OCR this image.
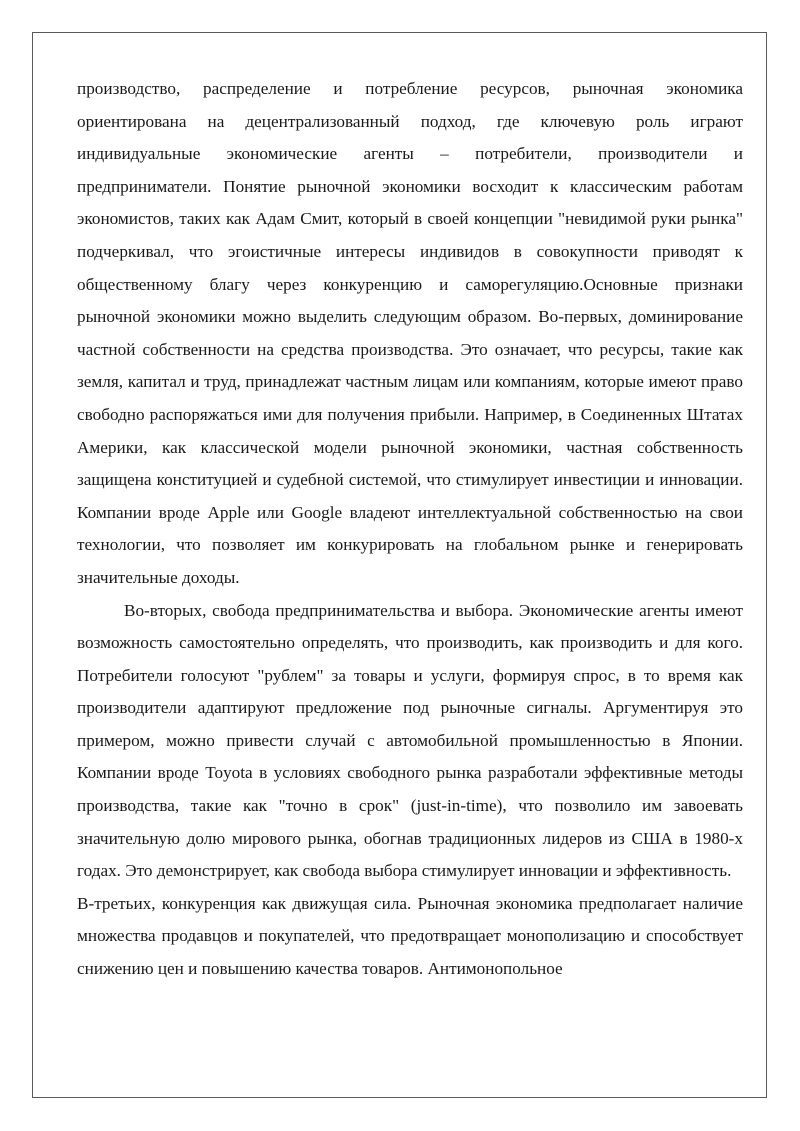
производство, распределение и потребление ресурсов, рыночная экономика ориентирована на децентрализованный подход, где ключевую роль играют индивидуальные экономические агенты – потребители, производители и предприниматели. Понятие рыночной экономики восходит к классическим работам экономистов, таких как Адам Смит, который в своей концепции "невидимой руки рынка" подчеркивал, что эгоистичные интересы индивидов в совокупности приводят к общественному благу через конкуренцию и саморегуляцию.Основные признаки рыночной экономики можно выделить следующим образом. Во-первых, доминирование частной собственности на средства производства. Это означает, что ресурсы, такие как земля, капитал и труд, принадлежат частным лицам или компаниям, которые имеют право свободно распоряжаться ими для получения прибыли. Например, в Соединенных Штатах Америки, как классической модели рыночной экономики, частная собственность защищена конституцией и судебной системой, что стимулирует инвестиции и инновации. Компании вроде Apple или Google владеют интеллектуальной собственностью на свои технологии, что позволяет им конкурировать на глобальном рынке и генерировать значительные доходы.

Во-вторых, свобода предпринимательства и выбора. Экономические агенты имеют возможность самостоятельно определять, что производить, как производить и для кого. Потребители голосуют "рублем" за товары и услуги, формируя спрос, в то время как производители адаптируют предложение под рыночные сигналы. Аргументируя это примером, можно привести случай с автомобильной промышленностью в Японии. Компании вроде Toyota в условиях свободного рынка разработали эффективные методы производства, такие как "точно в срок" (just-in-time), что позволило им завоевать значительную долю мирового рынка, обогнав традиционных лидеров из США в 1980-х годах. Это демонстрирует, как свобода выбора стимулирует инновации и эффективность.

В-третьих, конкуренция как движущая сила. Рыночная экономика предполагает наличие множества продавцов и покупателей, что предотвращает монополизацию и способствует снижению цен и повышению качества товаров. Антимонопольное
